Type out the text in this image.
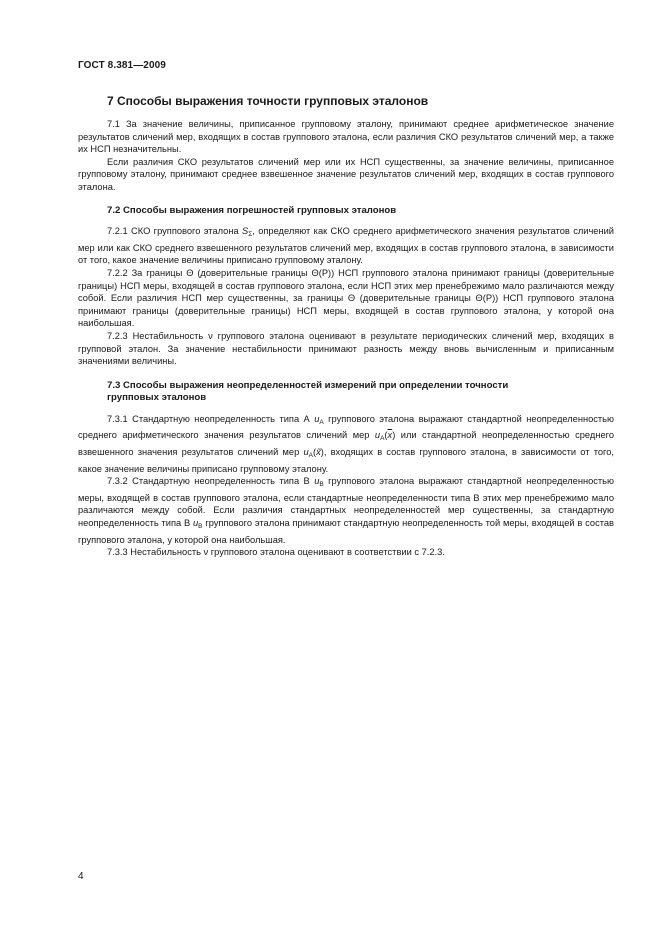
ГОСТ 8.381—2009
7 Способы выражения точности групповых эталонов

7.1 За значение величины, приписанное групповому эталону, принимают среднее арифметическое значение результатов сличений мер, входящих в состав группового эталона, если различия СКО результатов сличений мер, а также их НСП незначительны.

Если различия СКО результатов сличений мер или их НСП существенны, за значение величины, приписанное групповому эталону, принимают среднее взвешенное значение результатов сличений мер, входящих в состав группового эталона.

7.2 Способы выражения погрешностей групповых эталонов

7.2.1 СКО группового эталона $S_\Sigma$, определяют как СКО среднего арифметического значения результатов сличений мер или как СКО среднего взвешенного результатов сличений мер, входящих в состав группового эталона, в зависимости от того, какое значение величины приписано групповому эталону.

7.2.2 За границы Θ (доверительные границы Θ(P)) НСП группового эталона принимают границы (доверительные границы) НСП меры, входящей в состав группового эталона, если НСП этих мер пренебрежимо мало различаются между собой. Если различия НСП мер существенны, за границы Θ (доверительные границы Θ(P)) НСП группового эталона принимают границы (доверительные границы) НСП меры, входящей в состав группового эталона, у которой она наибольшая.

7.2.3 Нестабильность ν группового эталона оценивают в результате периодических сличений мер, входящих в групповой эталон. За значение нестабильности принимают разность между вновь вычисленным и приписанным значениями величины.

7.3 Способы выражения неопределенностей измерений при определении точности
групповых эталонов

7.3.1 Стандартную неопределенность типа А $u_A$ группового эталона выражают стандартной неопределенностью среднего арифметического значения результатов сличений мер $u_A(\overline{x})$ или стандартной неопределенностью среднего взвешенного значения результатов сличений мер $u_A(x̃)$, входящих в состав группового эталона, в зависимости от того, какое значение величины приписано групповому эталону.

7.3.2 Стандартную неопределенность типа В $u_B$ группового эталона выражают стандартной неопределенностью меры, входящей в состав группового эталона, если стандартные неопределенности типа В этих мер пренебрежимо мало различаются между собой. Если различия стандартных неопределенностей мер существенны, за стандартную неопределенность типа В $u_B$ группового эталона принимают стандартную неопределенность той меры, входящей в состав группового эталона, у которой она наибольшая.

7.3.3 Нестабильность ν группового эталона оценивают в соответствии с 7.2.3.

4
